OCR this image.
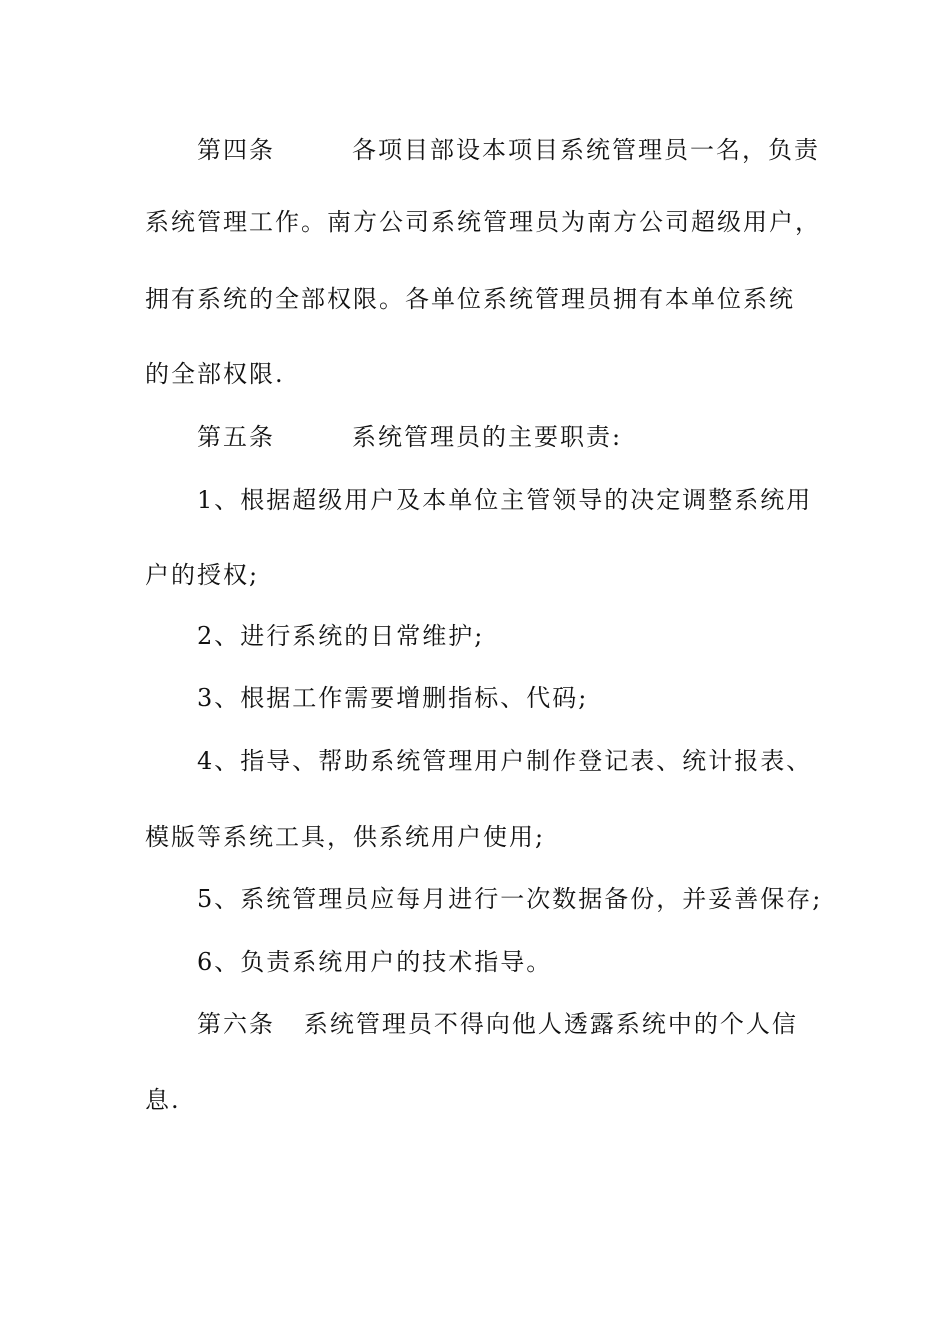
第四条        各项目部设本项目系统管理员一名，负责
系统管理工作。南方公司系统管理员为南方公司超级用户，
拥有系统的全部权限。各单位系统管理员拥有本单位系统
的全部权限.
第五条        系统管理员的主要职责:
1、根据超级用户及本单位主管领导的决定调整系统用
户的授权;
2、进行系统的日常维护;
3、根据工作需要增删指标、代码;
4、指导、帮助系统管理用户制作登记表、统计报表、
模版等系统工具，供系统用户使用;
5、系统管理员应每月进行一次数据备份，并妥善保存;
6、负责系统用户的技术指导。
第六条   系统管理员不得向他人透露系统中的个人信
息.
